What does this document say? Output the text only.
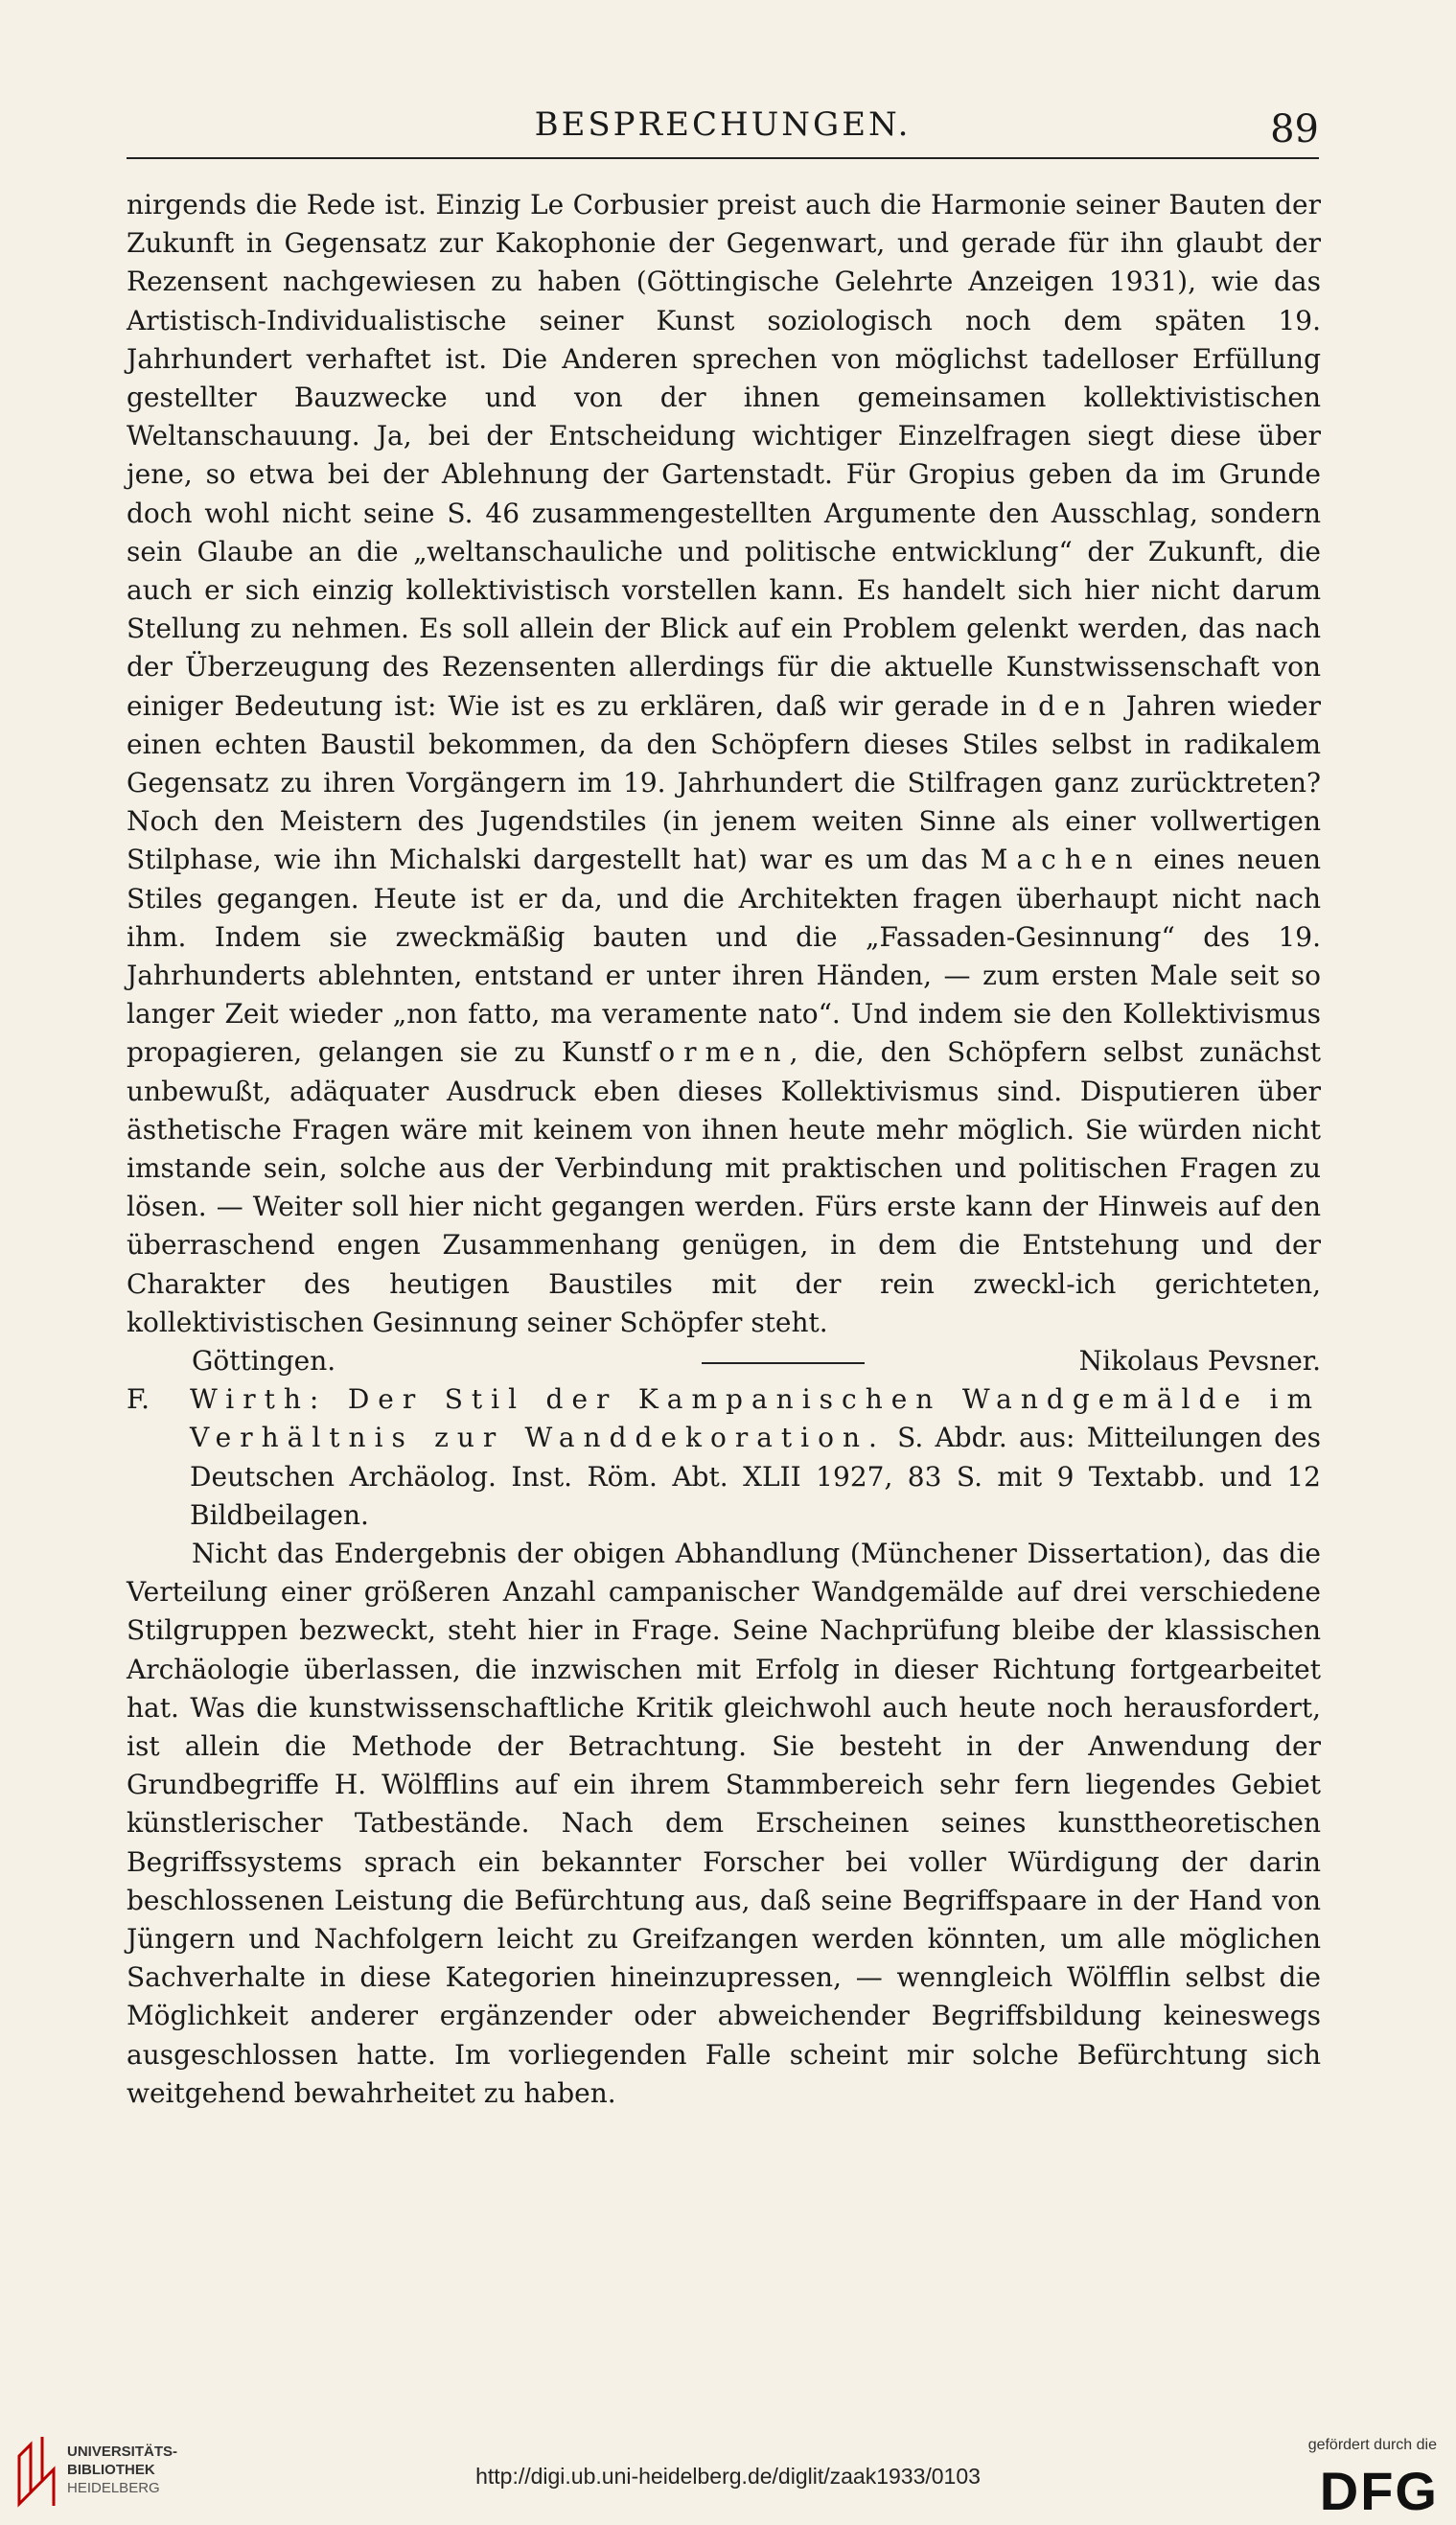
BESPRECHUNGEN.	89

nirgends die Rede ist. Einzig Le Corbusier preist auch die Harmonie seiner Bauten der Zukunft in Gegensatz zur Kakophonie der Gegenwart, und gerade für ihn glaubt der Rezensent nachgewiesen zu haben (Göttingische Gelehrte Anzeigen 1931), wie das Artistisch-Individualistische seiner Kunst soziologisch noch dem späten 19. Jahrhundert verhaftet ist. Die Anderen sprechen von möglichst tadelloser Erfüllung gestellter Bauzwecke und von der ihnen gemeinsamen kollektivistischen Weltanschauung. Ja, bei der Entscheidung wichtiger Einzelfragen siegt diese über jene, so etwa bei der Ablehnung der Gartenstadt. Für Gropius geben da im Grunde doch wohl nicht seine S. 46 zusammengestellten Argumente den Ausschlag, sondern sein Glaube an die „weltanschauliche und politische entwicklung“ der Zukunft, die auch er sich einzig kollektivistisch vorstellen kann. Es handelt sich hier nicht darum Stellung zu nehmen. Es soll allein der Blick auf ein Problem gelenkt werden, das nach der Überzeugung des Rezensenten allerdings für die aktuelle Kunstwissenschaft von einiger Bedeutung ist: Wie ist es zu erklären, daß wir gerade in den Jahren wieder einen echten Baustil bekommen, da den Schöpfern dieses Stiles selbst in radikalem Gegensatz zu ihren Vorgängern im 19. Jahrhundert die Stilfragen ganz zurücktreten? Noch den Meistern des Jugendstiles (in jenem weiten Sinne als einer vollwertigen Stilphase, wie ihn Michalski dargestellt hat) war es um das Machen eines neuen Stiles gegangen. Heute ist er da, und die Architekten fragen überhaupt nicht nach ihm. Indem sie zweckmäßig bauten und die „Fassaden-Gesinnung“ des 19. Jahrhunderts ablehnten, entstand er unter ihren Händen, — zum ersten Male seit so langer Zeit wieder „non fatto, ma veramente nato“. Und indem sie den Kollektivismus propagieren, gelangen sie zu Kunstformen, die, den Schöpfern selbst zunächst unbewußt, adäquater Ausdruck eben dieses Kollektivismus sind. Disputieren über ästhetische Fragen wäre mit keinem von ihnen heute mehr möglich. Sie würden nicht imstande sein, solche aus der Verbindung mit praktischen und politischen Fragen zu lösen. — Weiter soll hier nicht gegangen werden. Fürs erste kann der Hinweis auf den überraschend engen Zusammenhang genügen, in dem die Entstehung und der Charakter des heutigen Baustiles mit der rein zweckl-ich gerichteten, kollektivistischen Gesinnung seiner Schöpfer steht.

Göttingen.	Nikolaus Pevsner.
F. Wirth: Der Stil der Kampanischen Wandgemälde im Verhältnis zur Wanddekoration. S. Abdr. aus: Mitteilungen des Deutschen Archäolog. Inst. Röm. Abt. XLII 1927, 83 S. mit 9 Textabb. und 12 Bildbeilagen.

Nicht das Endergebnis der obigen Abhandlung (Münchener Dissertation), das die Verteilung einer größeren Anzahl campanischer Wandgemälde auf drei verschiedene Stilgruppen bezweckt, steht hier in Frage. Seine Nachprüfung bleibe der klassischen Archäologie überlassen, die inzwischen mit Erfolg in dieser Richtung fortgearbeitet hat. Was die kunstwissenschaftliche Kritik gleichwohl auch heute noch herausfordert, ist allein die Methode der Betrachtung. Sie besteht in der Anwendung der Grundbegriffe H. Wölfflins auf ein ihrem Stammbereich sehr fern liegendes Gebiet künstlerischer Tatbestände. Nach dem Erscheinen seines kunsttheoretischen Begriffssystems sprach ein bekannter Forscher bei voller Würdigung der darin beschlossenen Leistung die Befürchtung aus, daß seine Begriffspaare in der Hand von Jüngern und Nachfolgern leicht zu Greifzangen werden könnten, um alle möglichen Sachverhalte in diese Kategorien hineinzupressen, — wenngleich Wölfflin selbst die Möglichkeit anderer ergänzender oder abweichender Begriffsbildung keineswegs ausgeschlossen hatte. Im vorliegenden Falle scheint mir solche Befürchtung sich weitgehend bewahrheitet zu haben.

UNIVERSITÄTS-
BIBLIOTHEK
HEIDELBERG	http://digi.ub.uni-heidelberg.de/diglit/zaak1933/0103
gefördert durch die
DFG
